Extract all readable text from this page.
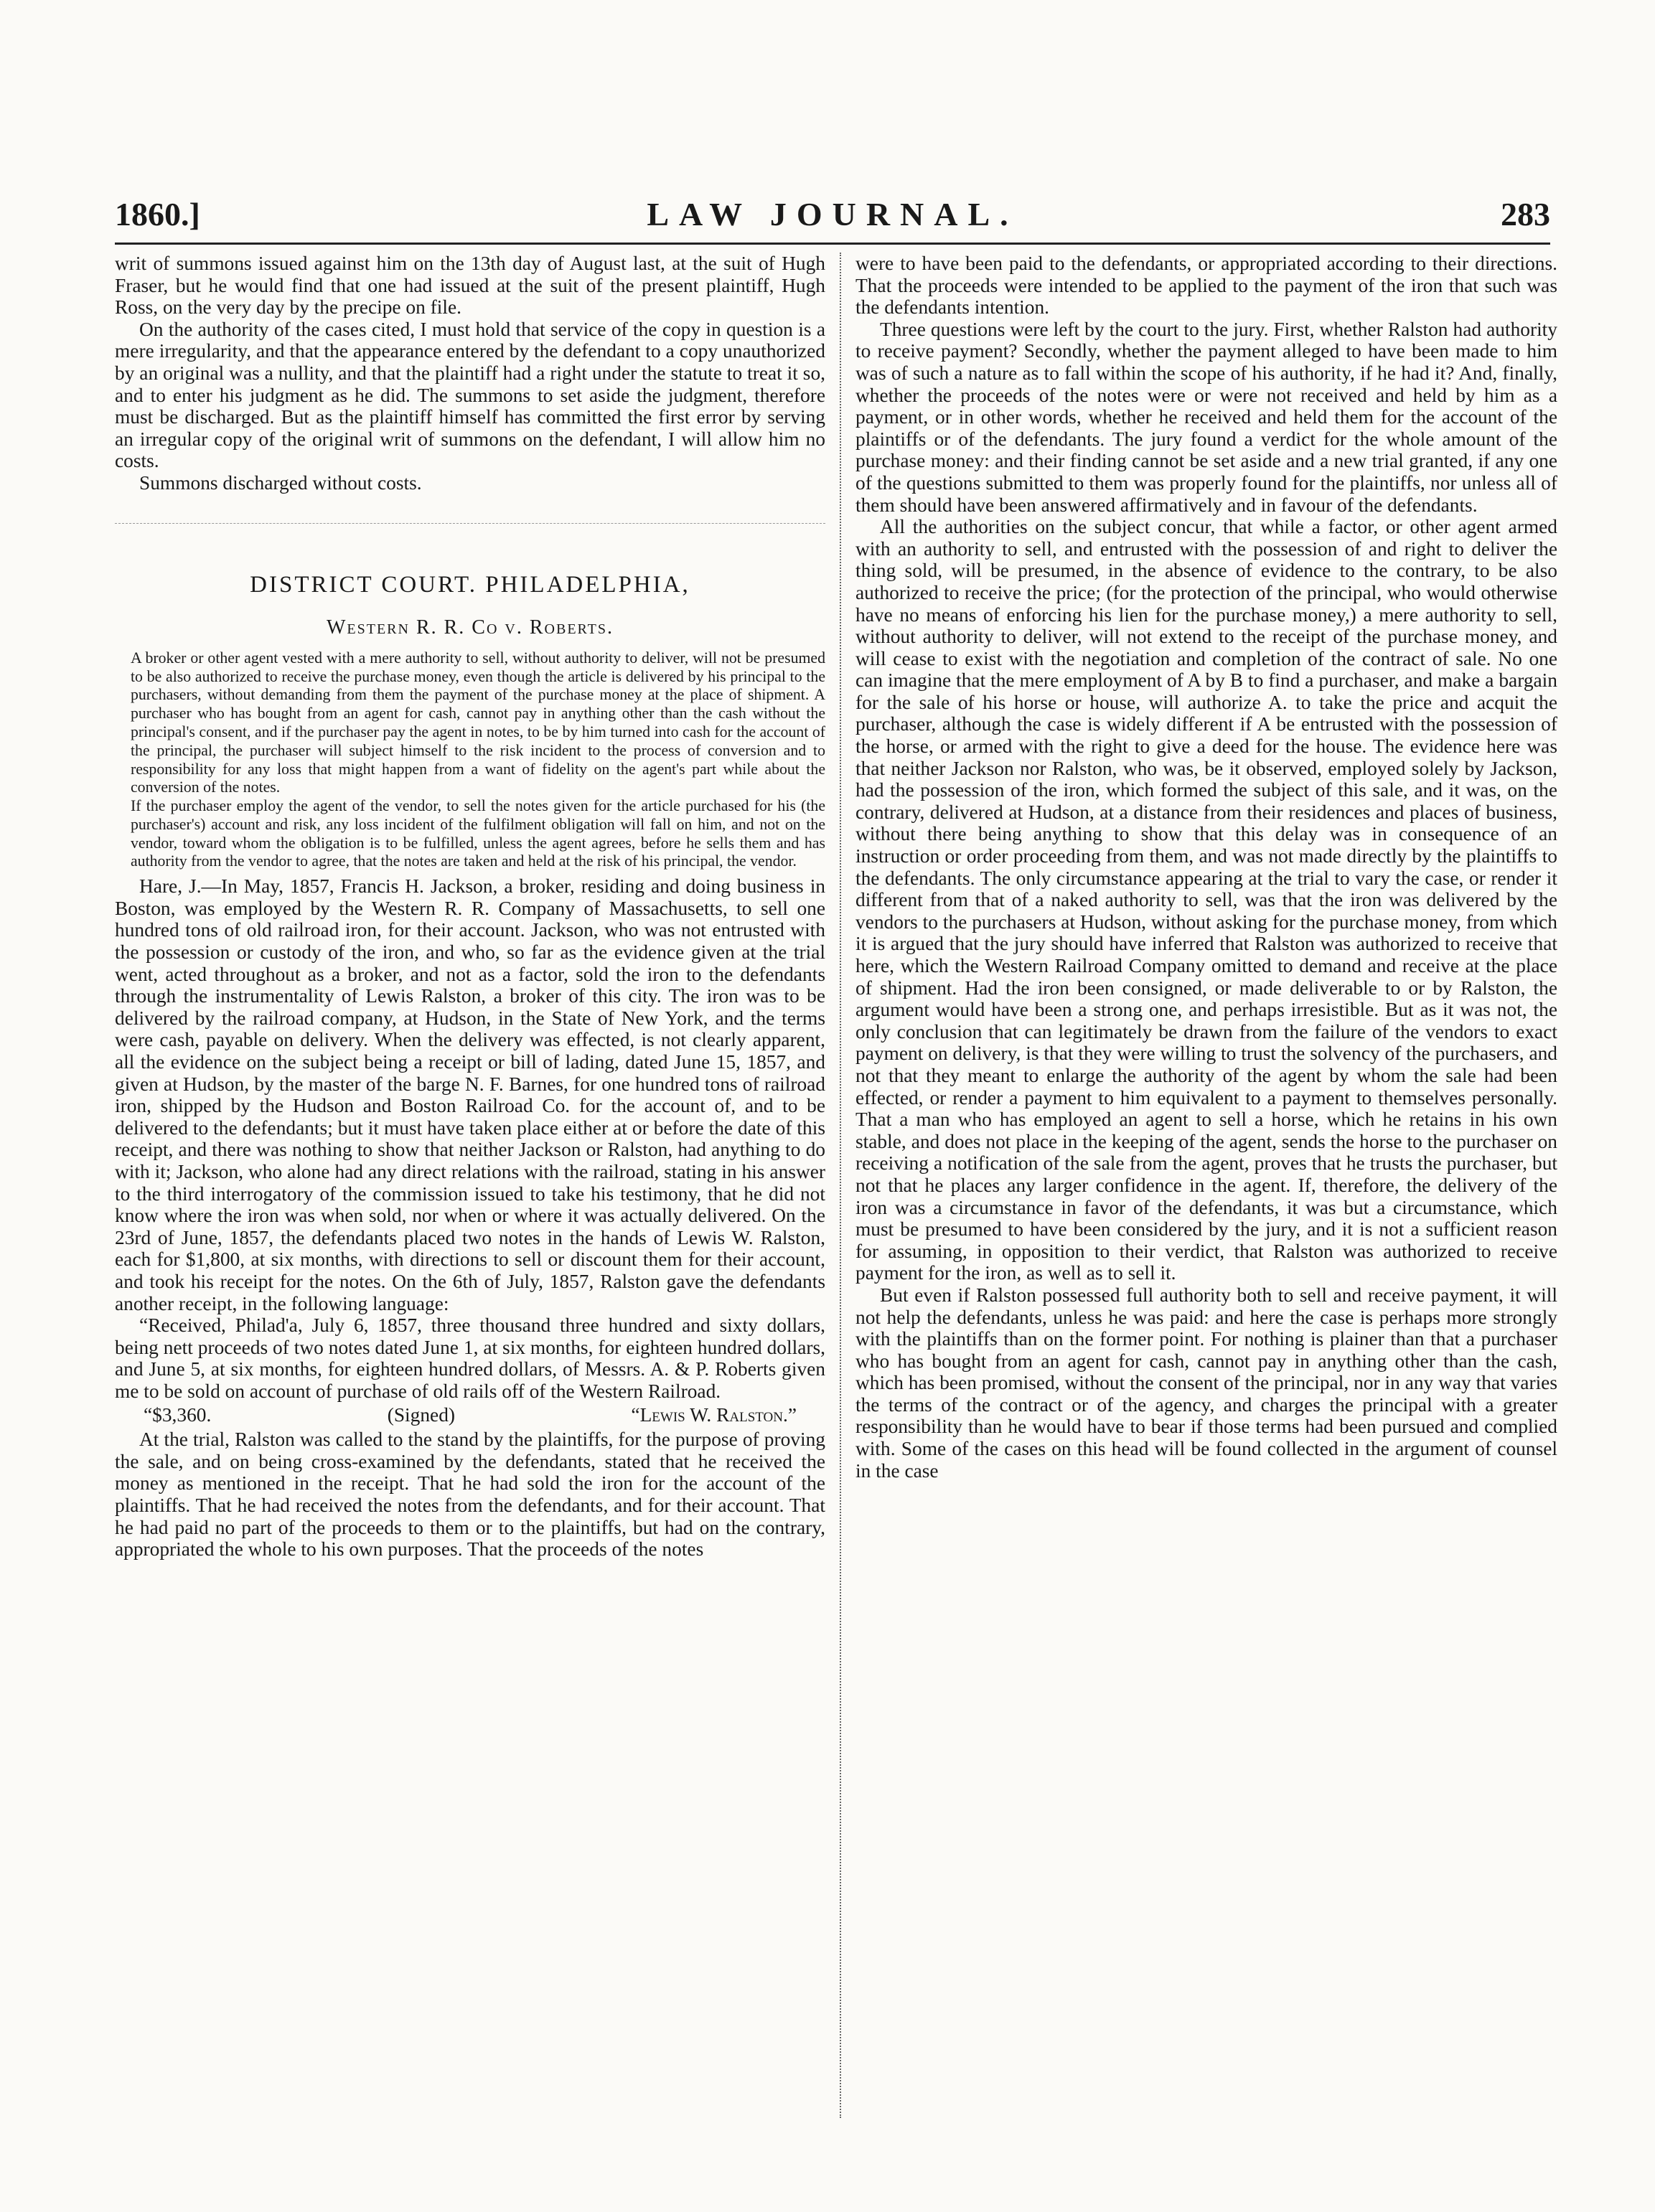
1860.]	LAW JOURNAL.	283

writ of summons issued against him on the 13th day of August last, at the suit of Hugh Fraser, but he would find that one had issued at the suit of the present plaintiff, Hugh Ross, on the very day by the precipe on file.

On the authority of the cases cited, I must hold that service of the copy in question is a mere irregularity, and that the appearance entered by the defendant to a copy unauthorized by an original was a nullity, and that the plaintiff had a right under the statute to treat it so, and to enter his judgment as he did. The summons to set aside the judgment, therefore must be discharged. But as the plaintiff himself has committed the first error by serving an irregular copy of the original writ of summons on the defendant, I will allow him no costs.

Summons discharged without costs.

DISTRICT COURT. PHILADELPHIA,
Western R. R. Co v. Roberts.

A broker or other agent vested with a mere authority to sell, without authority to deliver, will not be presumed to be also authorized to receive the purchase money, even though the article is delivered by his principal to the purchasers, without demanding from them the payment of the purchase money at the place of shipment. A purchaser who has bought from an agent for cash, cannot pay in anything other than the cash without the principal's consent, and if the purchaser pay the agent in notes, to be by him turned into cash for the account of the principal, the purchaser will subject himself to the risk incident to the process of conversion and to responsibility for any loss that might happen from a want of fidelity on the agent's part while about the conversion of the notes.

If the purchaser employ the agent of the vendor, to sell the notes given for the article purchased for his (the purchaser's) account and risk, any loss incident of the fulfilment obligation will fall on him, and not on the vendor, toward whom the obligation is to be fulfilled, unless the agent agrees, before he sells them and has authority from the vendor to agree, that the notes are taken and held at the risk of his principal, the vendor.

Hare, J.—In May, 1857, Francis H. Jackson, a broker, residing and doing business in Boston, was employed by the Western R. R. Company of Massachusetts, to sell one hundred tons of old railroad iron, for their account. Jackson, who was not entrusted with the possession or custody of the iron, and who, so far as the evidence given at the trial went, acted throughout as a broker, and not as a factor, sold the iron to the defendants through the instrumentality of Lewis Ralston, a broker of this city. The iron was to be delivered by the railroad company, at Hudson, in the State of New York, and the terms were cash, payable on delivery. When the delivery was effected, is not clearly apparent, all the evidence on the subject being a receipt or bill of lading, dated June 15, 1857, and given at Hudson, by the master of the barge N. F. Barnes, for one hundred tons of railroad iron, shipped by the Hudson and Boston Railroad Co. for the account of, and to be delivered to the defendants; but it must have taken place either at or before the date of this receipt, and there was nothing to show that neither Jackson or Ralston, had anything to do with it; Jackson, who alone had any direct relations with the railroad, stating in his answer to the third interrogatory of the commission issued to take his testimony, that he did not know where the iron was when sold, nor when or where it was actually delivered. On the 23rd of June, 1857, the defendants placed two notes in the hands of Lewis W. Ralston, each for $1,800, at six months, with directions to sell or discount them for their account, and took his receipt for the notes. On the 6th of July, 1857, Ralston gave the defendants another receipt, in the following language:

“Received, Philad'a, July 6, 1857, three thousand three hundred and sixty dollars, being nett proceeds of two notes dated June 1, at six months, for eighteen hundred dollars, and June 5, at six months, for eighteen hundred dollars, of Messrs. A. & P. Roberts given me to be sold on account of purchase of old rails off of the Western Railroad.

“$3,360.	(Signed)	“Lewis W. Ralston.”

At the trial, Ralston was called to the stand by the plaintiffs, for the purpose of proving the sale, and on being cross-examined by the defendants, stated that he received the money as mentioned in the receipt. That he had sold the iron for the account of the plaintiffs. That he had received the notes from the defendants, and for their account. That he had paid no part of the proceeds to them or to the plaintiffs, but had on the contrary, appropriated the whole to his own purposes. That the proceeds of the notes

were to have been paid to the defendants, or appropriated according to their directions. That the proceeds were intended to be applied to the payment of the iron that such was the defendants intention.

Three questions were left by the court to the jury. First, whether Ralston had authority to receive payment? Secondly, whether the payment alleged to have been made to him was of such a nature as to fall within the scope of his authority, if he had it? And, finally, whether the proceeds of the notes were or were not received and held by him as a payment, or in other words, whether he received and held them for the account of the plaintiffs or of the defendants. The jury found a verdict for the whole amount of the purchase money: and their finding cannot be set aside and a new trial granted, if any one of the questions submitted to them was properly found for the plaintiffs, nor unless all of them should have been answered affirmatively and in favour of the defendants.

All the authorities on the subject concur, that while a factor, or other agent armed with an authority to sell, and entrusted with the possession of and right to deliver the thing sold, will be presumed, in the absence of evidence to the contrary, to be also authorized to receive the price; (for the protection of the principal, who would otherwise have no means of enforcing his lien for the purchase money,) a mere authority to sell, without authority to deliver, will not extend to the receipt of the purchase money, and will cease to exist with the negotiation and completion of the contract of sale. No one can imagine that the mere employment of A by B to find a purchaser, and make a bargain for the sale of his horse or house, will authorize A. to take the price and acquit the purchaser, although the case is widely different if A be entrusted with the possession of the horse, or armed with the right to give a deed for the house. The evidence here was that neither Jackson nor Ralston, who was, be it observed, employed solely by Jackson, had the possession of the iron, which formed the subject of this sale, and it was, on the contrary, delivered at Hudson, at a distance from their residences and places of business, without there being anything to show that this delay was in consequence of an instruction or order proceeding from them, and was not made directly by the plaintiffs to the defendants. The only circumstance appearing at the trial to vary the case, or render it different from that of a naked authority to sell, was that the iron was delivered by the vendors to the purchasers at Hudson, without asking for the purchase money, from which it is argued that the jury should have inferred that Ralston was authorized to receive that here, which the Western Railroad Company omitted to demand and receive at the place of shipment. Had the iron been consigned, or made deliverable to or by Ralston, the argument would have been a strong one, and perhaps irresistible. But as it was not, the only conclusion that can legitimately be drawn from the failure of the vendors to exact payment on delivery, is that they were willing to trust the solvency of the purchasers, and not that they meant to enlarge the authority of the agent by whom the sale had been effected, or render a payment to him equivalent to a payment to themselves personally. That a man who has employed an agent to sell a horse, which he retains in his own stable, and does not place in the keeping of the agent, sends the horse to the purchaser on receiving a notification of the sale from the agent, proves that he trusts the purchaser, but not that he places any larger confidence in the agent. If, therefore, the delivery of the iron was a circumstance in favor of the defendants, it was but a circumstance, which must be presumed to have been considered by the jury, and it is not a sufficient reason for assuming, in opposition to their verdict, that Ralston was authorized to receive payment for the iron, as well as to sell it.

But even if Ralston possessed full authority both to sell and receive payment, it will not help the defendants, unless he was paid: and here the case is perhaps more strongly with the plaintiffs than on the former point. For nothing is plainer than that a purchaser who has bought from an agent for cash, cannot pay in anything other than the cash, which has been promised, without the consent of the principal, nor in any way that varies the terms of the contract or of the agency, and charges the principal with a greater responsibility than he would have to bear if those terms had been pursued and complied with. Some of the cases on this head will be found collected in the argument of counsel in the case
